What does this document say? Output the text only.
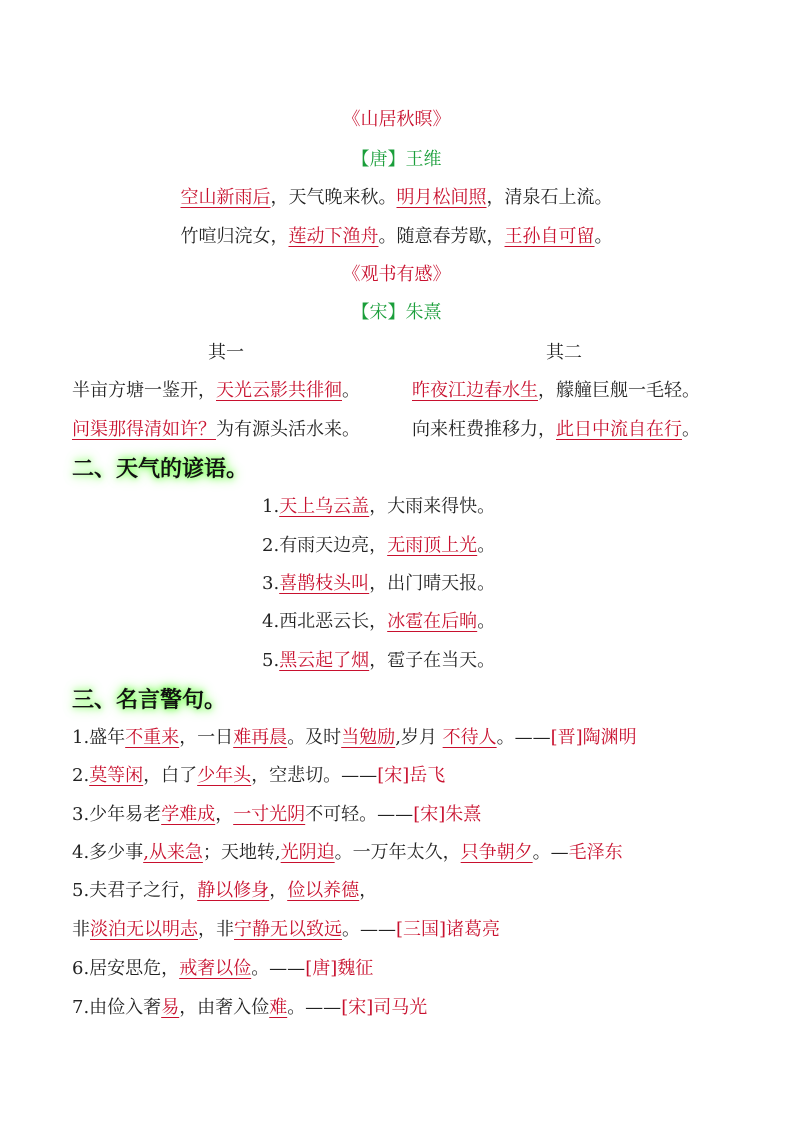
《山居秋暝》
【唐】王维
空山新雨后，天气晚来秋。明月松间照，清泉石上流。
竹喧归浣女，莲动下渔舟。随意春芳歇，王孙自可留。
《观书有感》
【宋】朱熹
其一	其二
半亩方塘一鉴开，天光云影共徘徊。	昨夜江边春水生，艨艟巨舰一毛轻。
问渠那得清如许？为有源头活水来。	向来枉费推移力，此日中流自在行。
二、天气的谚语。
1.天上乌云盖，大雨来得快。
2.有雨天边亮，无雨顶上光。
3.喜鹊枝头叫，出门晴天报。
4.西北恶云长，冰雹在后晌。
5.黑云起了烟，雹子在当天。
三、名言警句。
1.盛年不重来，一日难再晨。及时当勉励,岁月 不待人。——[晋]陶渊明
2.莫等闲，白了少年头，空悲切。——[宋]岳飞
3.少年易老学难成，一寸光阴不可轻。——[宋]朱熹
4.多少事,从来急；天地转,光阴迫。一万年太久，只争朝夕。—毛泽东
5.夫君子之行，静以修身，俭以养德，
非淡泊无以明志，非宁静无以致远。——[三国]诸葛亮
6.居安思危，戒奢以俭。——[唐]魏征
7.由俭入奢易，由奢入俭难。——[宋]司马光
